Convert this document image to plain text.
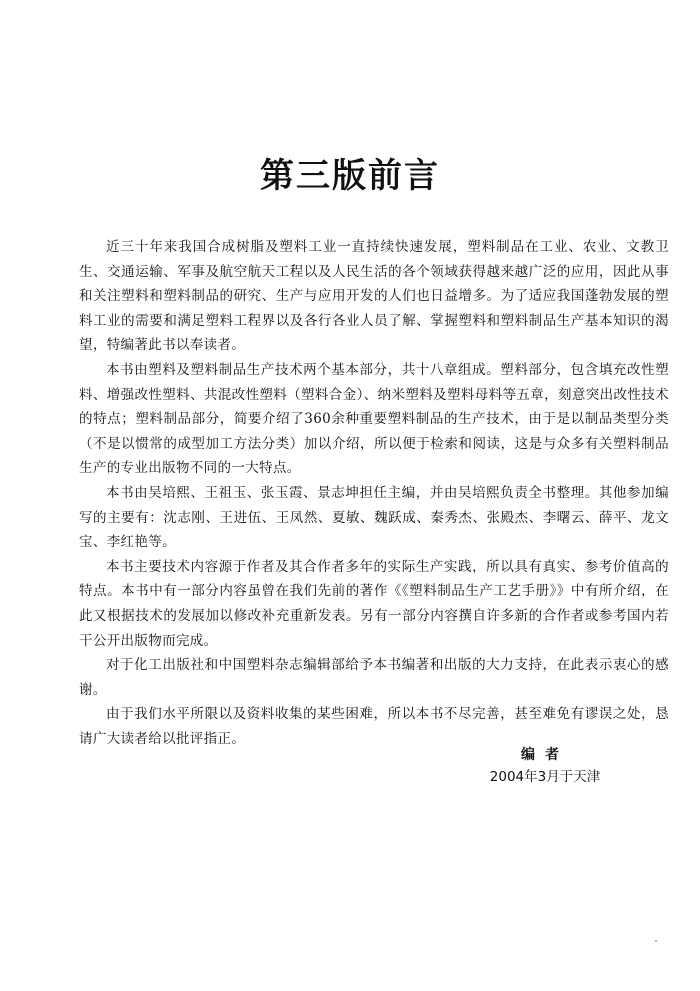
第三版前言

近三十年来我国合成树脂及塑料工业一直持续快速发展，塑料制品在工业、农业、文教卫生、交通运输、军事及航空航天工程以及人民生活的各个领域获得越来越广泛的应用，因此从事和关注塑料和塑料制品的研究、生产与应用开发的人们也日益增多。为了适应我国蓬勃发展的塑料工业的需要和满足塑料工程界以及各行各业人员了解、掌握塑料和塑料制品生产基本知识的渴望，特编著此书以奉读者。

本书由塑料及塑料制品生产技术两个基本部分，共十八章组成。塑料部分，包含填充改性塑料、增强改性塑料、共混改性塑料（塑料合金）、纳米塑料及塑料母料等五章，刻意突出改性技术的特点；塑料制品部分，简要介绍了360余种重要塑料制品的生产技术，由于是以制品类型分类（不是以惯常的成型加工方法分类）加以介绍，所以便于检索和阅读，这是与众多有关塑料制品生产的专业出版物不同的一大特点。

本书由吴培熙、王祖玉、张玉霞、景志坤担任主编，并由吴培熙负责全书整理。其他参加编写的主要有：沈志刚、王进伍、王凤然、夏敏、魏跃成、秦秀杰、张殿杰、李曙云、薛平、龙文宝、李红艳等。

本书主要技术内容源于作者及其合作者多年的实际生产实践，所以具有真实、参考价值高的特点。本书中有一部分内容虽曾在我们先前的著作《《塑料制品生产工艺手册》》中有所介绍，在此又根据技术的发展加以修改补充重新发表。另有一部分内容撰自许多新的合作者或参考国内若干公开出版物而完成。

对于化工出版社和中国塑料杂志编辑部给予本书编著和出版的大力支持，在此表示衷心的感谢。

由于我们水平所限以及资料收集的某些困难，所以本书不尽完善，甚至难免有谬误之处，恳请广大读者给以批评指正。

编者
2004年3月于天津
